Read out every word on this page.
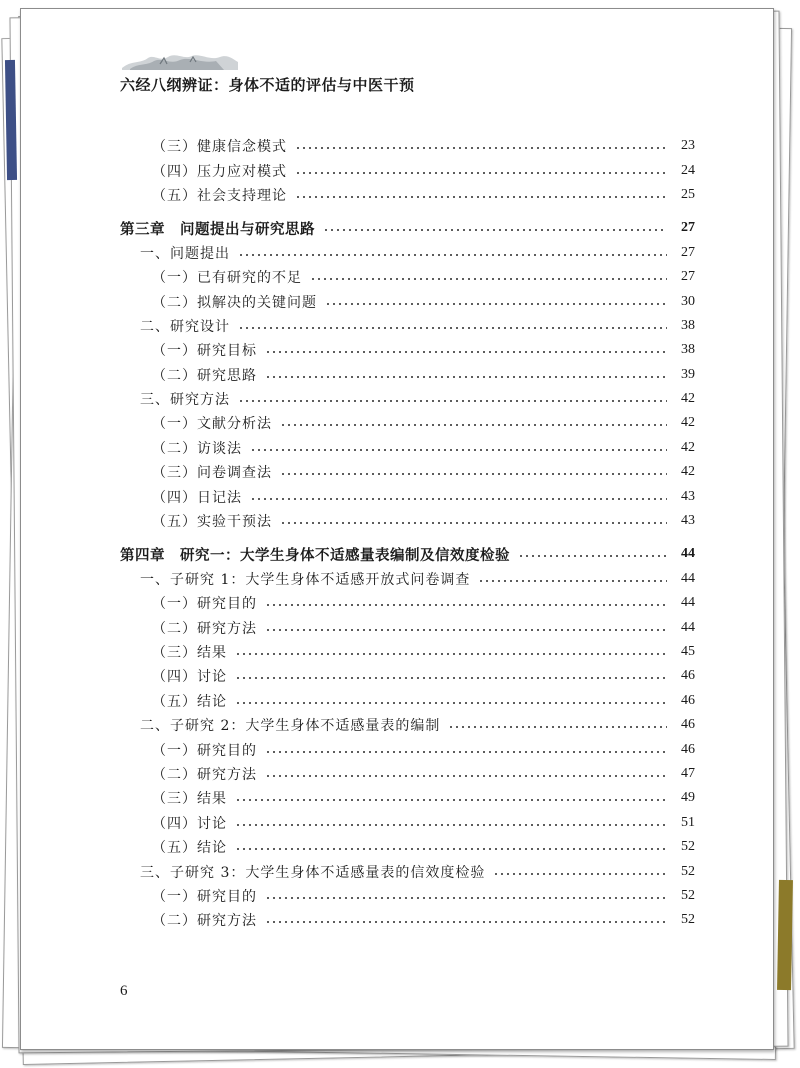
六经八纲辨证：身体不适的评估与中医干预
（三）健康信念模式	23
（四）压力应对模式	24
（五）社会支持理论	25
第三章　问题提出与研究思路	27
一、问题提出	27
（一）已有研究的不足	27
（二）拟解决的关键问题	30
二、研究设计	38
（一）研究目标	38
（二）研究思路	39
三、研究方法	42
（一）文献分析法	42
（二）访谈法	42
（三）问卷调查法	42
（四）日记法	43
（五）实验干预法	43
第四章　研究一：大学生身体不适感量表编制及信效度检验	44
一、子研究 1：大学生身体不适感开放式问卷调查	44
（一）研究目的	44
（二）研究方法	44
（三）结果	45
（四）讨论	46
（五）结论	46
二、子研究 2：大学生身体不适感量表的编制	46
（一）研究目的	46
（二）研究方法	47
（三）结果	49
（四）讨论	51
（五）结论	52
三、子研究 3：大学生身体不适感量表的信效度检验	52
（一）研究目的	52
（二）研究方法	52
6
